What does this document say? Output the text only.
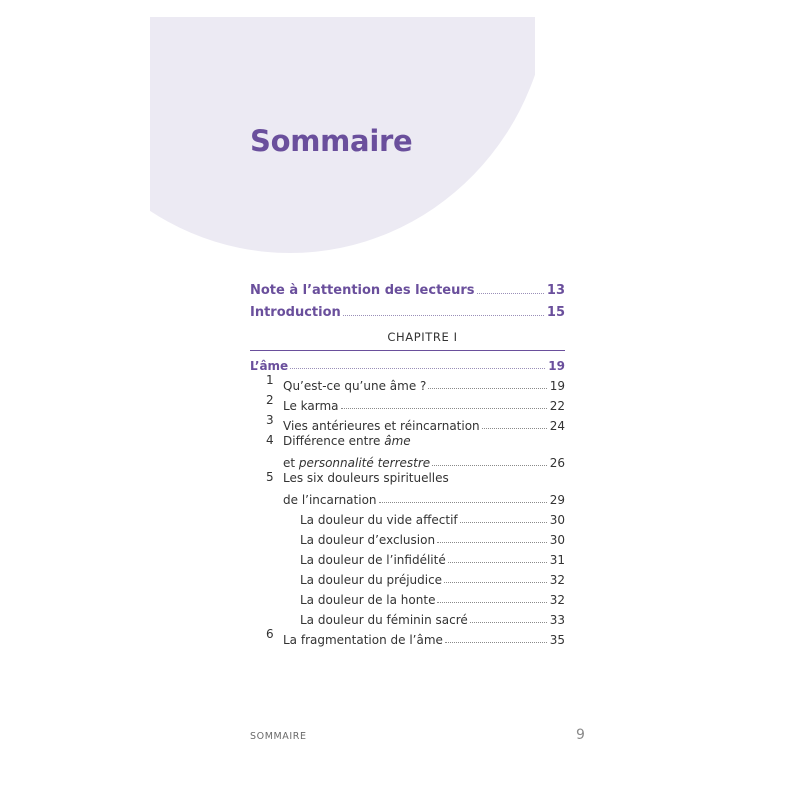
Sommaire
Note à l’attention des lecteurs	13
Introduction	15
CHAPITRE I
L’âme	19
1 Qu’est-ce qu’une âme ?	19
2 Le karma	22
3 Vies antérieures et réincarnation	24
4 Différence entre âme
et personnalité terrestre	26
5 Les six douleurs spirituelles
de l’incarnation	29
La douleur du vide affectif	30
La douleur d’exclusion	30
La douleur de l’infidélité	31
La douleur du préjudice	32
La douleur de la honte	32
La douleur du féminin sacré	33
6 La fragmentation de l’âme	35
SOMMAIRE	9
